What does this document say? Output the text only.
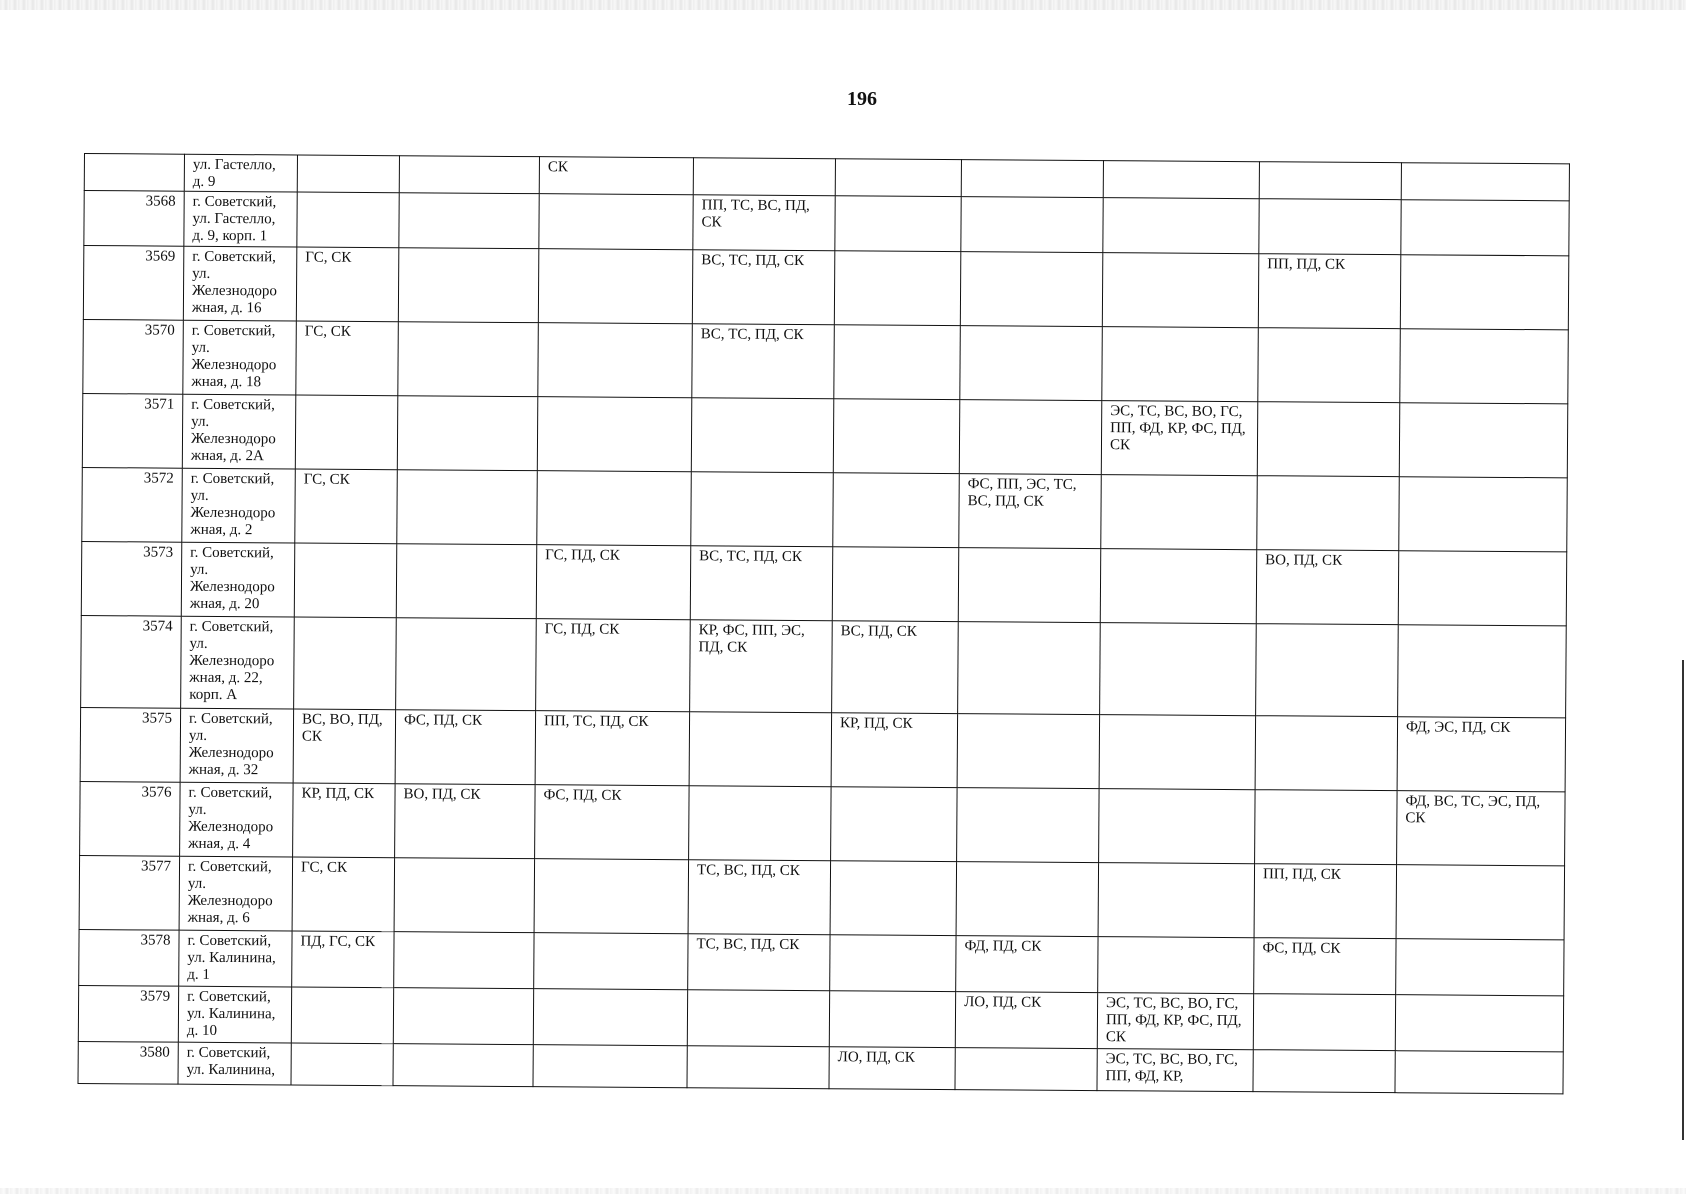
196
	ул. Гастелло, д. 9			СК						
3568	г. Советский, ул. Гастелло, д. 9, корп. 1				ПП, ТС, ВС, ПД, СК					
3569	г. Советский, ул. Железнодоро жная, д. 16	ГС, СК			ВС, ТС, ПД, СК				ПП, ПД, СК	
3570	г. Советский, ул. Железнодоро жная, д. 18	ГС, СК			ВС, ТС, ПД, СК					
3571	г. Советский, ул. Железнодоро жная, д. 2А							ЭС, ТС, ВС, ВО, ГС, ПП, ФД, КР, ФС, ПД, СК		
3572	г. Советский, ул. Железнодоро жная, д. 2	ГС, СК					ФС, ПП, ЭС, ТС, ВС, ПД, СК			
3573	г. Советский, ул. Железнодоро жная, д. 20			ГС, ПД, СК	ВС, ТС, ПД, СК				ВО, ПД, СК	
3574	г. Советский, ул. Железнодоро жная, д. 22, корп. А			ГС, ПД, СК	КР, ФС, ПП, ЭС, ПД, СК	ВС, ПД, СК				
3575	г. Советский, ул. Железнодоро жная, д. 32	ВС, ВО, ПД, СК	ФС, ПД, СК	ПП, ТС, ПД, СК		КР, ПД, СК				ФД, ЭС, ПД, СК
3576	г. Советский, ул. Железнодоро жная, д. 4	КР, ПД, СК	ВО, ПД, СК	ФС, ПД, СК						ФД, ВС, ТС, ЭС, ПД, СК
3577	г. Советский, ул. Железнодоро жная, д. 6	ГС, СК			ТС, ВС, ПД, СК				ПП, ПД, СК	
3578	г. Советский, ул. Калинина, д. 1	ПД, ГС, СК			ТС, ВС, ПД, СК		ФД, ПД, СК		ФС, ПД, СК	
3579	г. Советский, ул. Калинина, д. 10						ЛО, ПД, СК	ЭС, ТС, ВС, ВО, ГС, ПП, ФД, КР, ФС, ПД, СК		
3580	г. Советский, ул. Калинина,					ЛО, ПД, СК		ЭС, ТС, ВС, ВО, ГС, ПП, ФД, КР,		
